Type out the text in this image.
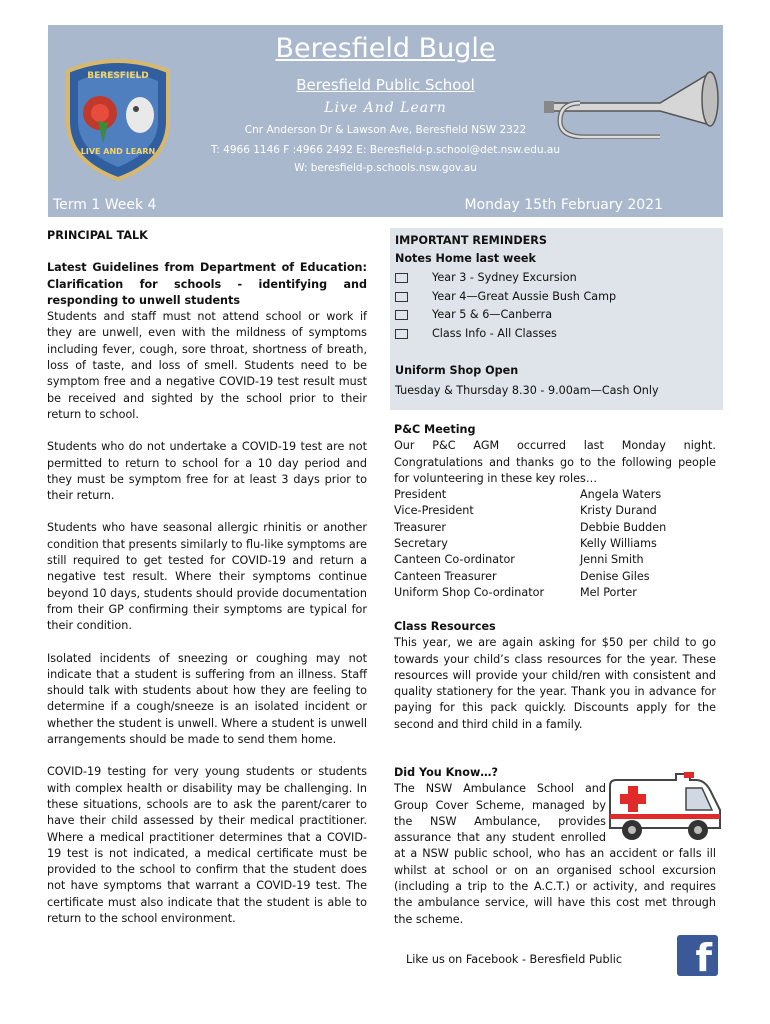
BERESFIELD
LIVE AND LEARN
Beresfield Bugle
Beresfield Public School
Live And Learn
Cnr Anderson Dr & Lawson Ave, Beresfield NSW 2322
T: 4966 1146 F :4966 2492 E: Beresfield-p.school@det.nsw.edu.au
W: beresfield-p.schools.nsw.gov.au
Term 1 Week 4	Monday 15th February 2021

PRINCIPAL TALK

Latest Guidelines from Department of Education: Clarification for schools - identifying and responding to unwell students

Students and staff must not attend school or work if they are unwell, even with the mildness of symptoms including fever, cough, sore throat, shortness of breath, loss of taste, and loss of smell. Students need to be symptom free and a negative COVID-19 test result must be received and sighted by the school prior to their return to school.

Students who do not undertake a COVID-19 test are not permitted to return to school for a 10 day period and they must be symptom free for at least 3 days prior to their return.

Students who have seasonal allergic rhinitis or another condition that presents similarly to flu-like symptoms are still required to get tested for COVID-19 and return a negative test result. Where their symptoms continue beyond 10 days, students should provide documentation from their GP confirming their symptoms are typical for their condition.

Isolated incidents of sneezing or coughing may not indicate that a student is suffering from an illness. Staff should talk with students about how they are feeling to determine if a cough/sneeze is an isolated incident or whether the student is unwell. Where a student is unwell arrangements should be made to send them home.

COVID-19 testing for very young students or students with complex health or disability may be challenging. In these situations, schools are to ask the parent/carer to have their child assessed by their medical practitioner. Where a medical practitioner determines that a COVID-19 test is not indicated, a medical certificate must be provided to the school to confirm that the student does not have symptoms that warrant a COVID-19 test. The certificate must also indicate that the student is able to return to the school environment.

IMPORTANT REMINDERS
Notes Home last week
Year 3 - Sydney Excursion
Year 4—Great Aussie Bush Camp
Year 5 & 6—Canberra
Class Info - All Classes
Uniform Shop Open
Tuesday & Thursday 8.30 - 9.00am—Cash Only

P&C Meeting

Our P&C AGM occurred last Monday night. Congratulations and thanks go to the following people for volunteering in these key roles…

President	Angela Waters
Vice-President	Kristy Durand
Treasurer	Debbie Budden
Secretary	Kelly Williams
Canteen Co-ordinator	Jenni Smith
Canteen Treasurer	Denise Giles
Uniform Shop Co-ordinator	Mel Porter

Class Resources

This year, we are again asking for $50 per child to go towards your child’s class resources for the year. These resources will provide your child/ren with consistent and quality stationery for the year. Thank you in advance for paying for this pack quickly. Discounts apply for the second and third child in a family.

Did You Know…?

The NSW Ambulance School and
Group Cover Scheme, managed by
the NSW Ambulance, provides
assurance that any student enrolled

at a NSW public school, who has an accident or falls ill whilst at school or on an organised school excursion (including a trip to the A.C.T.) or activity, and requires the ambulance service, will have this cost met through the scheme.

Like us on Facebook - Beresfield Public f
